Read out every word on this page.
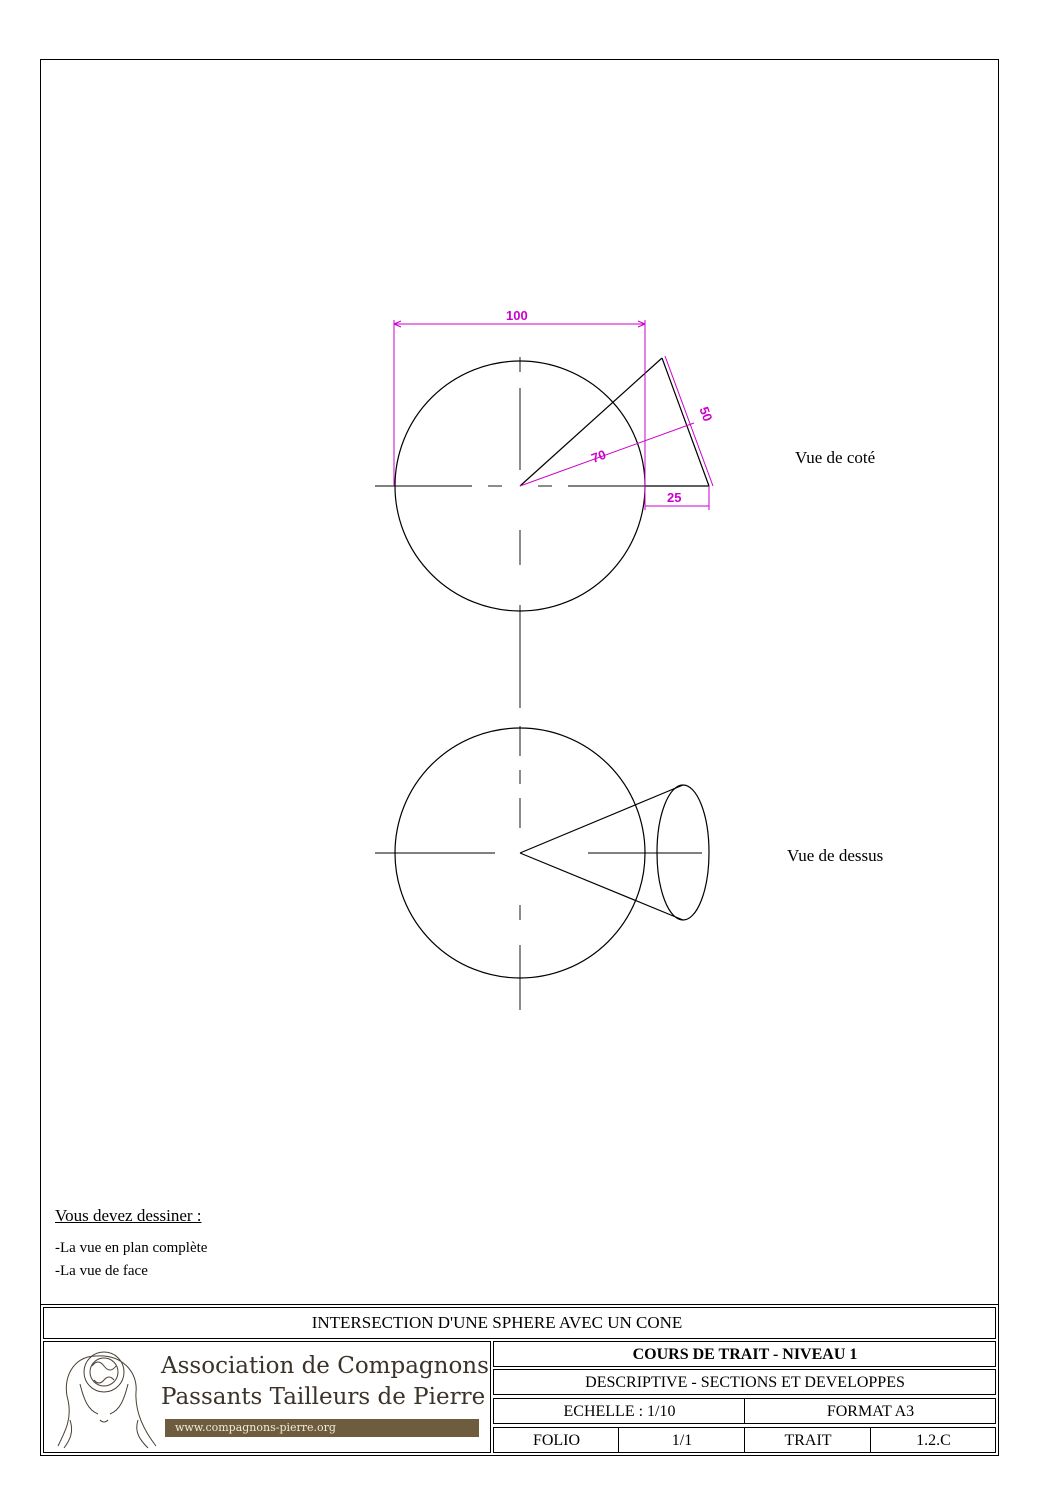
100
70
50
25
Vue de coté
Vue de dessus
Vous devez dessiner :
-La vue en plan complète
-La vue de face
INTERSECTION D'UNE SPHERE AVEC UN CONE
COURS DE TRAIT - NIVEAU 1
DESCRIPTIVE - SECTIONS ET DEVELOPPES
ECHELLE : 1/10	FORMAT A3
FOLIO	1/1	TRAIT	1.2.C
Association de Compagnons
Passants Tailleurs de Pierre
www.compagnons-pierre.org
